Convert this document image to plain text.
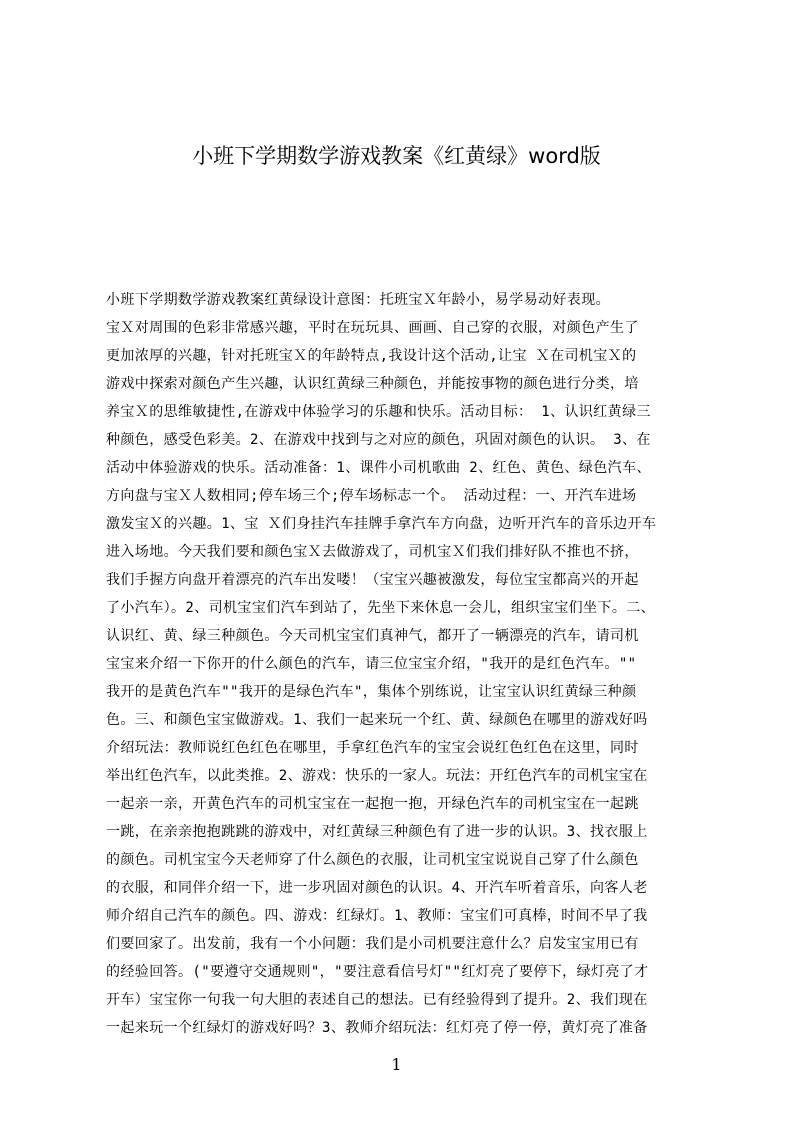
小班下学期数学游戏教案《红黄绿》word版
小班下学期数学游戏教案红黄绿设计意图：托班宝Ｘ年龄小，易学易动好表现。
宝Ｘ对周围的色彩非常感兴趣，平时在玩玩具、画画、自己穿的衣服，对颜色产生了
更加浓厚的兴趣，针对托班宝Ｘ的年龄特点,我设计这个活动,让宝 Ｘ在司机宝Ｘ的
游戏中探索对颜色产生兴趣，认识红黄绿三种颜色，并能按事物的颜色进行分类，培
养宝Ｘ的思维敏捷性,在游戏中体验学习的乐趣和快乐。活动目标： 1、认识红黄绿三
种颜色，感受色彩美。2、在游戏中找到与之对应的颜色，巩固对颜色的认识。 3、在
活动中体验游戏的快乐。活动准备：1、课件小司机歌曲 2、红色、黄色、绿色汽车、
方向盘与宝Ｘ人数相同;停车场三个;停车场标志一个。 活动过程：一、开汽车进场
激发宝Ｘ的兴趣。1、宝 Ｘ们身挂汽车挂牌手拿汽车方向盘，边听开汽车的音乐边开车
进入场地。今天我们要和颜色宝Ｘ去做游戏了，司机宝Ｘ们我们排好队不推也不挤，
我们手握方向盘开着漂亮的汽车出发喽！（宝宝兴趣被激发，每位宝宝都高兴的开起
了小汽车）。2、司机宝宝们汽车到站了，先坐下来休息一会儿，组织宝宝们坐下。二、
认识红、黄、绿三种颜色。今天司机宝宝们真神气，都开了一辆漂亮的汽车，请司机
宝宝来介绍一下你开的什么颜色的汽车，请三位宝宝介绍，"我开的是红色汽车。""
我开的是黄色汽车""我开的是绿色汽车"，集体个别练说，让宝宝认识红黄绿三种颜
色。三、和颜色宝宝做游戏。1、我们一起来玩一个红、黄、绿颜色在哪里的游戏好吗
介绍玩法：教师说红色红色在哪里，手拿红色汽车的宝宝会说红色红色在这里，同时
举出红色汽车，以此类推。2、游戏：快乐的一家人。玩法：开红色汽车的司机宝宝在
一起亲一亲，开黄色汽车的司机宝宝在一起抱一抱，开绿色汽车的司机宝宝在一起跳
一跳，在亲亲抱抱跳跳的游戏中，对红黄绿三种颜色有了进一步的认识。3、找衣服上
的颜色。司机宝宝今天老师穿了什么颜色的衣服，让司机宝宝说说自己穿了什么颜色
的衣服，和同伴介绍一下，进一步巩固对颜色的认识。4、开汽车听着音乐，向客人老
师介绍自己汽车的颜色。四、游戏：红绿灯。1、教师：宝宝们可真棒，时间不早了我
们要回家了。出发前，我有一个小问题：我们是小司机要注意什么？启发宝宝用已有
的经验回答。("要遵守交通规则"，"要注意看信号灯""红灯亮了要停下，绿灯亮了才
开车）宝宝你一句我一句大胆的表述自己的想法。已有经验得到了提升。2、我们现在
一起来玩一个红绿灯的游戏好吗？3、教师介绍玩法：红灯亮了停一停，黄灯亮了准备
1
